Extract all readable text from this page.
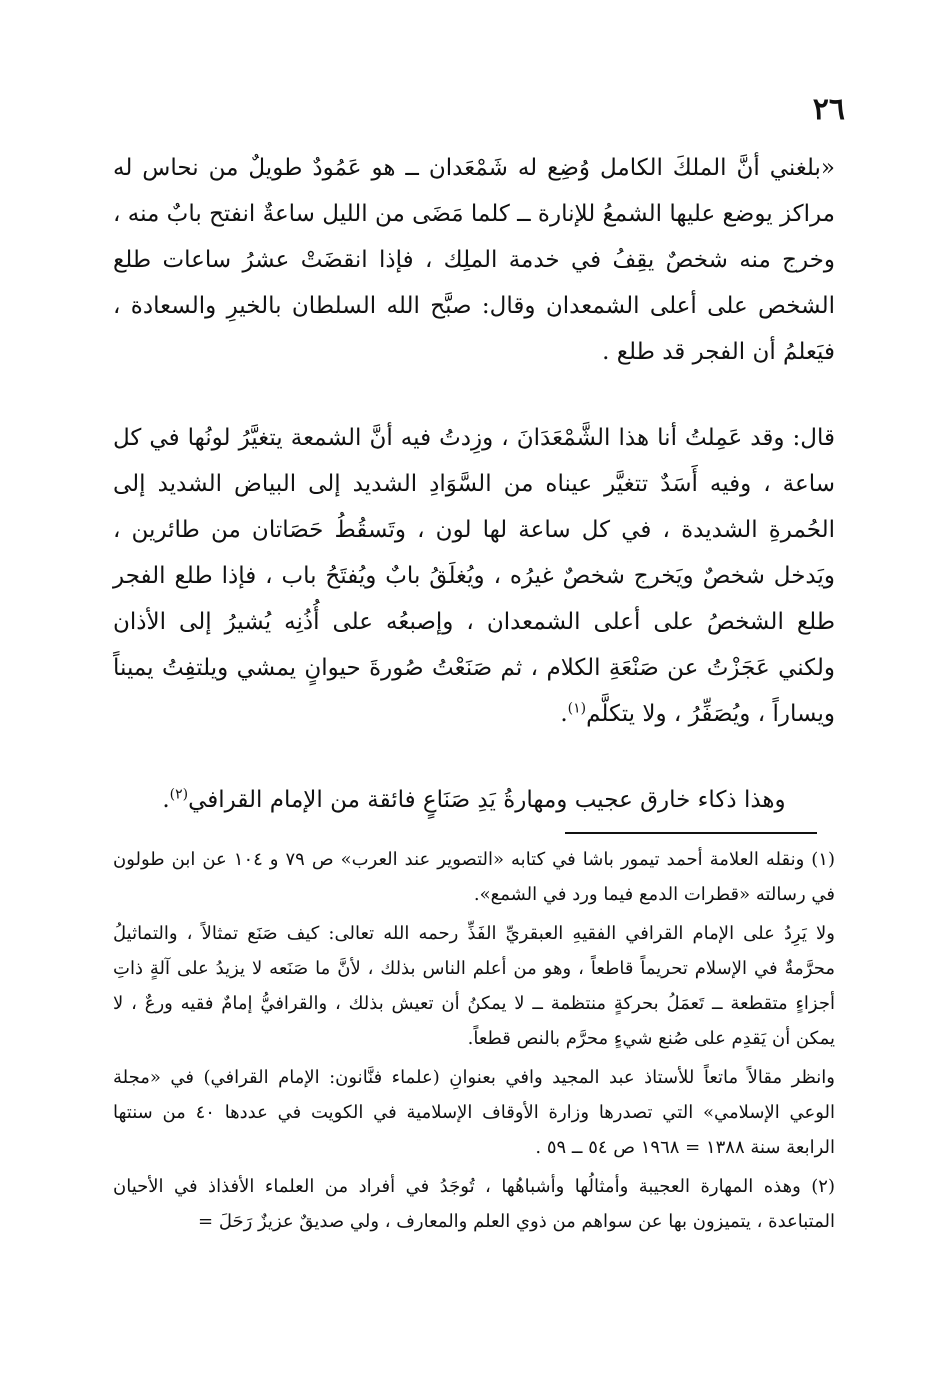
٢٦

«بلغني أنَّ الملكَ الكامل وُضِع له شَمْعَدان ــ هو عَمُودٌ طويلٌ من نحاس له مراكز يوضع عليها الشمعُ للإنارة ــ كلما مَضَى من الليل ساعةٌ انفتح بابٌ منه ، وخرج منه شخصٌ يقِفُ في خدمة الملِك ، فإذا انقضَتْ عشرُ ساعات طلع الشخص على أعلى الشمعدان وقال: صبَّح الله السلطان بالخيرِ والسعادة ، فيَعلمُ أن الفجر قد طلع .

قال: وقد عَمِلتُ أنا هذا الشَّمْعَدَانَ ، وزِدتُ فيه أنَّ الشمعة يتغيَّرُ لونُها في كل ساعة ، وفيه أَسَدٌ تتغيَّر عيناه من السَّوَادِ الشديد إلى البياض الشديد إلى الحُمرةِ الشديدة ، في كل ساعة لها لون ، وتَسقُطُ حَصَاتان من طائرين ، ويَدخل شخصٌ ويَخرج شخصٌ غيرُه ، ويُغلَقُ بابٌ ويُفتَحُ باب ، فإذا طلع الفجر طلع الشخصُ على أعلى الشمعدان ، وإصبعُه على أُذُنِه يُشيرُ إلى الأذان ولكني عَجَزْتُ عن صَنْعَةِ الكلام ، ثم صَنَعْتُ صُورةَ حيوانٍ يمشي ويلتفِتُ يميناً ويساراً ، ويُصَفِّرُ ، ولا يتكلَّم$^{(١)}$.

وهذا ذكاء خارق عجيب ومهارةُ يَدِ صَنَاعٍ فائقة من الإمام القرافي$^{(٢)}$.

(١) ونقله العلامة أحمد تيمور باشا في كتابه «التصوير عند العرب» ص ٧٩ و ١٠٤ عن ابن طولون في رسالته «قطرات الدمع فيما ورد في الشمع».

ولا يَرِدُ على الإمام القرافي الفقيهِ العبقريِّ الفَذِّ رحمه الله تعالى: كيف صَنَع تمثالاً ، والتماثيلُ محرَّمةٌ في الإسلام تحريماً قاطعاً ، وهو من أعلم الناس بذلك ، لأنَّ ما صَنَعه لا يزيدُ على آلةٍ ذاتِ أجزاءٍ متقطعة ــ تَعمَلُ بحركةٍ منتظمة ــ لا يمكنُ أن تعيش بذلك ، والقرافيُّ إمامٌ فقيه ورعٌ ، لا يمكن أن يَقدِم على صُنع شيءٍ محرَّم بالنص قطعاً.

وانظر مقالاً ماتعاً للأستاذ عبد المجيد وافي بعنوانِ (علماء فنَّانون: الإمام القرافي) في «مجلة الوعي الإسلامي» التي تصدرها وزارة الأوقاف الإسلامية في الكويت في عددها ٤٠ من سنتها الرابعة سنة ١٣٨٨ = ١٩٦٨ ص ٥٤ ــ ٥٩ .

(٢) وهذه المهارة العجيبة وأمثالُها وأشباهُها ، تُوجَدُ في أفراد من العلماء الأفذاذ في الأحيان المتباعدة ، يتميزون بها عن سواهم من ذوي العلم والمعارف ، ولي صديقٌ عزيزٌ رَحَلَ =
